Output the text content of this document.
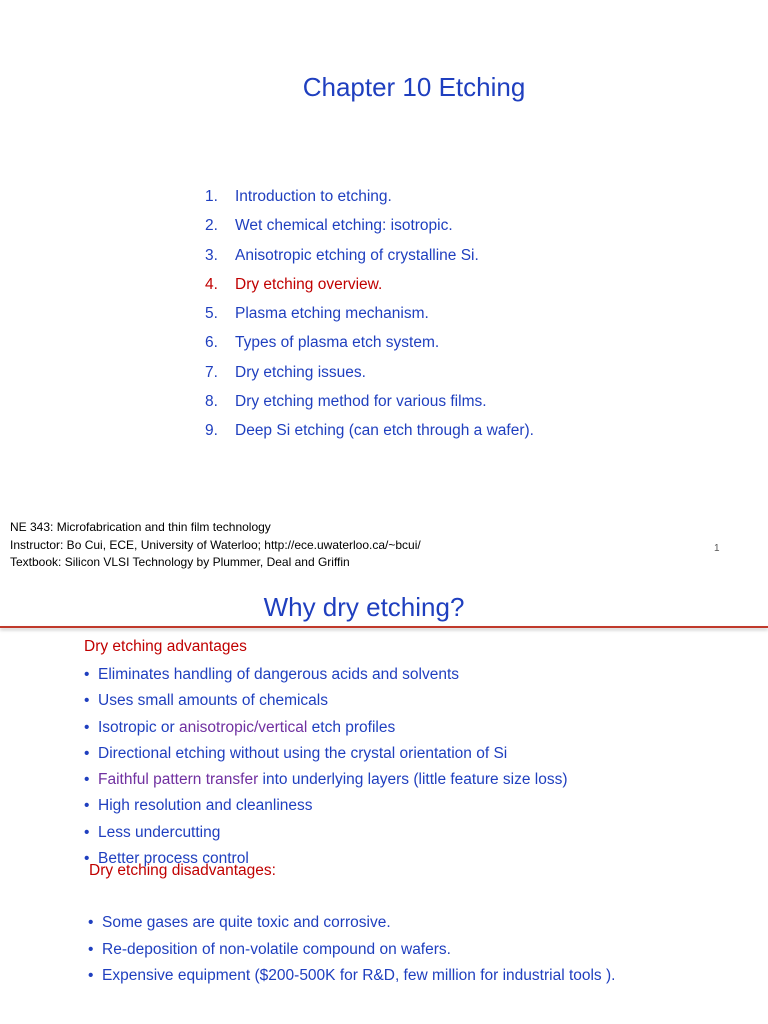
Chapter 10 Etching
1. Introduction to etching.
2. Wet chemical etching: isotropic.
3. Anisotropic etching of crystalline Si.
4. Dry etching overview.
5. Plasma etching mechanism.
6. Types of plasma etch system.
7. Dry etching issues.
8. Dry etching method for various films.
9. Deep Si etching (can etch through a wafer).
NE 343: Microfabrication and thin film technology
Instructor: Bo Cui, ECE, University of Waterloo; http://ece.uwaterloo.ca/~bcui/
Textbook: Silicon VLSI Technology by Plummer, Deal and Griffin
1
Why dry etching?
Dry etching advantages
• Eliminates handling of dangerous acids and solvents
• Uses small amounts of chemicals
• Isotropic or anisotropic/vertical etch profiles
• Directional etching without using the crystal orientation of Si
• Faithful pattern transfer into underlying layers (little feature size loss)
• High resolution and cleanliness
• Less undercutting
• Better process control
Dry etching disadvantages:
• Some gases are quite toxic and corrosive.
• Re-deposition of non-volatile compound on wafers.
• Expensive equipment ($200-500K for R&D, few million for industrial tools ).
